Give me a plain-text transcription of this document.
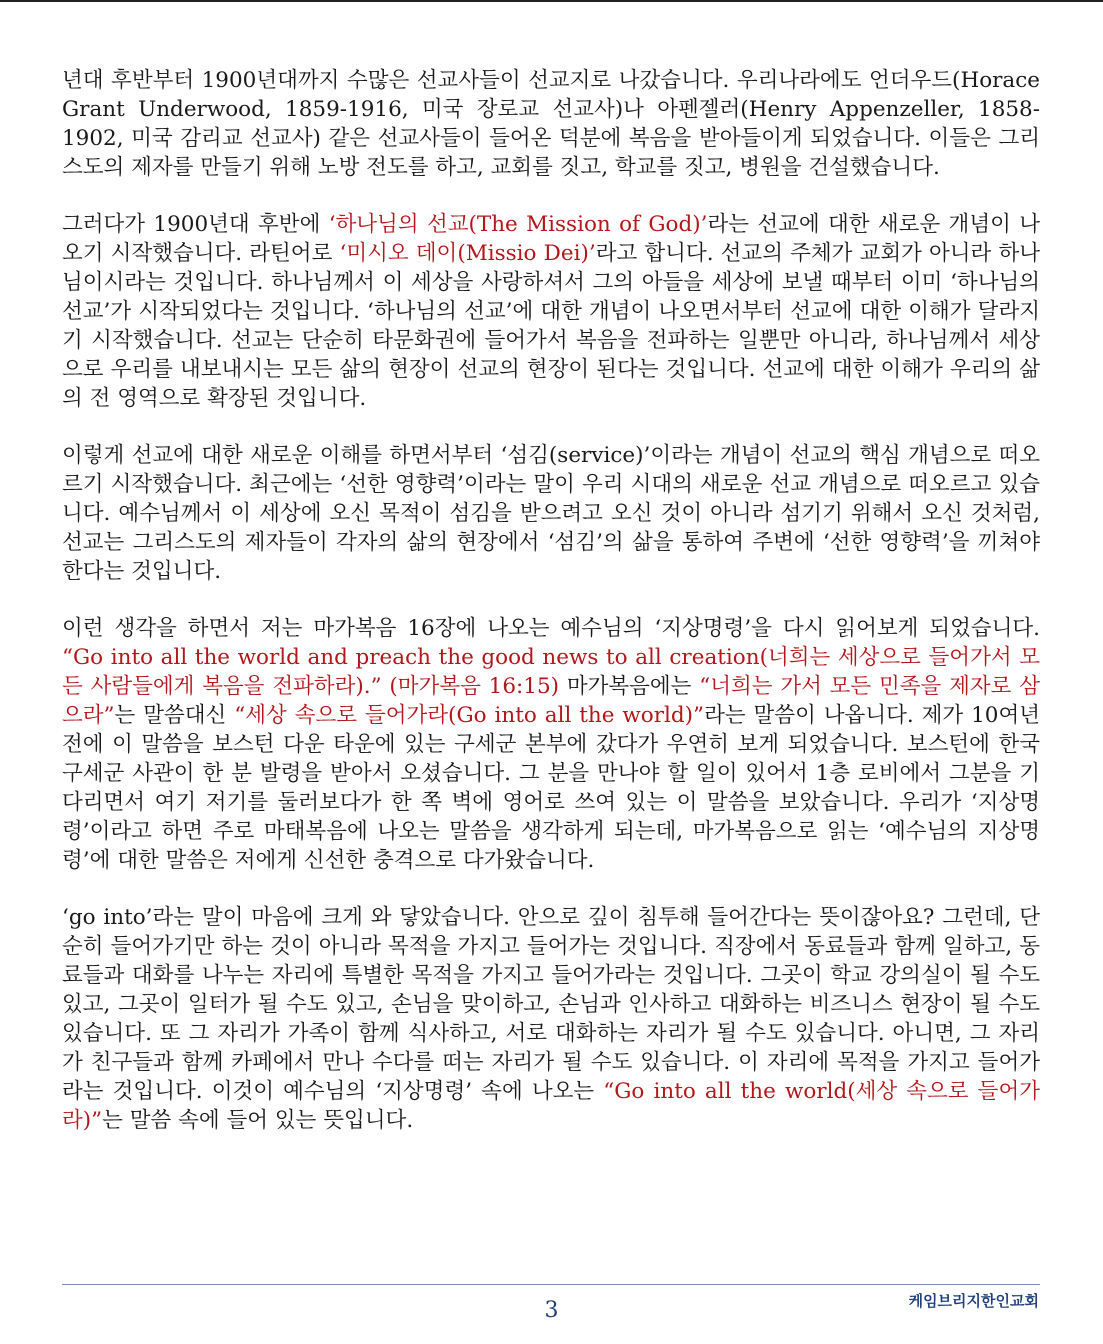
년대 후반부터 1900년대까지 수많은 선교사들이 선교지로 나갔습니다. 우리나라에도 언더우드(Horace Grant Underwood, 1859-1916, 미국 장로교 선교사)나 아펜젤러(Henry Appenzeller, 1858-1902, 미국 감리교 선교사) 같은 선교사들이 들어온 덕분에 복음을 받아들이게 되었습니다. 이들은 그리스도의 제자를 만들기 위해 노방 전도를 하고, 교회를 짓고, 학교를 짓고, 병원을 건설했습니다.

그러다가 1900년대 후반에 ‘하나님의 선교(The Mission of God)’라는 선교에 대한 새로운 개념이 나오기 시작했습니다. 라틴어로 ‘미시오 데이(Missio Dei)’라고 합니다. 선교의 주체가 교회가 아니라 하나님이시라는 것입니다. 하나님께서 이 세상을 사랑하셔서 그의 아들을 세상에 보낼 때부터 이미 ‘하나님의 선교’가 시작되었다는 것입니다. ‘하나님의 선교’에 대한 개념이 나오면서부터 선교에 대한 이해가 달라지기 시작했습니다. 선교는 단순히 타문화권에 들어가서 복음을 전파하는 일뿐만 아니라, 하나님께서 세상으로 우리를 내보내시는 모든 삶의 현장이 선교의 현장이 된다는 것입니다. 선교에 대한 이해가 우리의 삶의 전 영역으로 확장된 것입니다.

이렇게 선교에 대한 새로운 이해를 하면서부터 ‘섬김(service)’이라는 개념이 선교의 핵심 개념으로 떠오르기 시작했습니다. 최근에는 ‘선한 영향력’이라는 말이 우리 시대의 새로운 선교 개념으로 떠오르고 있습니다. 예수님께서 이 세상에 오신 목적이 섬김을 받으려고 오신 것이 아니라 섬기기 위해서 오신 것처럼, 선교는 그리스도의 제자들이 각자의 삶의 현장에서 ‘섬김’의 삶을 통하여 주변에 ‘선한 영향력’을 끼쳐야 한다는 것입니다.

이런 생각을 하면서 저는 마가복음 16장에 나오는 예수님의 ‘지상명령’을 다시 읽어보게 되었습니다. “Go into all the world and preach the good news to all creation(너희는 세상으로 들어가서 모든 사람들에게 복음을 전파하라).” (마가복음 16:15) 마가복음에는 “너희는 가서 모든 민족을 제자로 삼으라”는 말씀대신 “세상 속으로 들어가라(Go into all the world)”라는 말씀이 나옵니다. 제가 10여년 전에 이 말씀을 보스턴 다운 타운에 있는 구세군 본부에 갔다가 우연히 보게 되었습니다. 보스턴에 한국 구세군 사관이 한 분 발령을 받아서 오셨습니다. 그 분을 만나야 할 일이 있어서 1층 로비에서 그분을 기다리면서 여기 저기를 둘러보다가 한 쪽 벽에 영어로 쓰여 있는 이 말씀을 보았습니다. 우리가 ‘지상명령’이라고 하면 주로 마태복음에 나오는 말씀을 생각하게 되는데, 마가복음으로 읽는 ‘예수님의 지상명령’에 대한 말씀은 저에게 신선한 충격으로 다가왔습니다.

‘go into’라는 말이 마음에 크게 와 닿았습니다. 안으로 깊이 침투해 들어간다는 뜻이잖아요? 그런데, 단순히 들어가기만 하는 것이 아니라 목적을 가지고 들어가는 것입니다. 직장에서 동료들과 함께 일하고, 동료들과 대화를 나누는 자리에 특별한 목적을 가지고 들어가라는 것입니다. 그곳이 학교 강의실이 될 수도 있고, 그곳이 일터가 될 수도 있고, 손님을 맞이하고, 손님과 인사하고 대화하는 비즈니스 현장이 될 수도 있습니다. 또 그 자리가 가족이 함께 식사하고, 서로 대화하는 자리가 될 수도 있습니다. 아니면, 그 자리가 친구들과 함께 카페에서 만나 수다를 떠는 자리가 될 수도 있습니다. 이 자리에 목적을 가지고 들어가라는 것입니다. 이것이 예수님의 ‘지상명령’ 속에 나오는 “Go into all the world(세상 속으로 들어가라)”는 말씀 속에 들어 있는 뜻입니다.

3	케임브리지한인교회
